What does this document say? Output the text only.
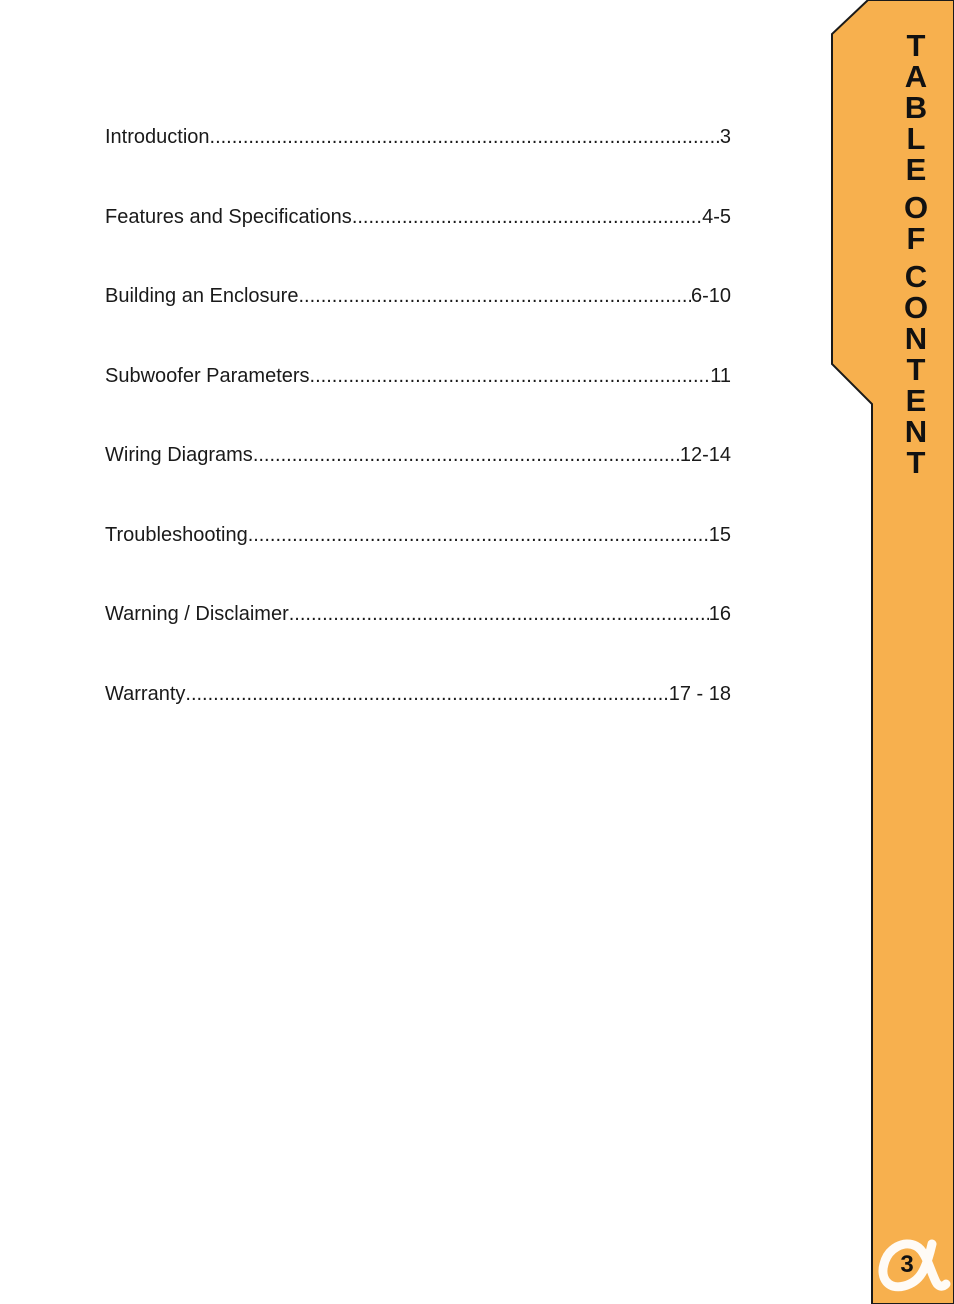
T
A
B
L
E
O
F
C
O
N
T
E
N
T
Introduction .....	3
Features and Specifications .....	4-5
Building an Enclosure .....	6-10
Subwoofer Parameters .....	11
Wiring Diagrams .....	12-14
Troubleshooting .....	15
Warning / Disclaimer .....	16
Warranty .....	17 - 18
3
